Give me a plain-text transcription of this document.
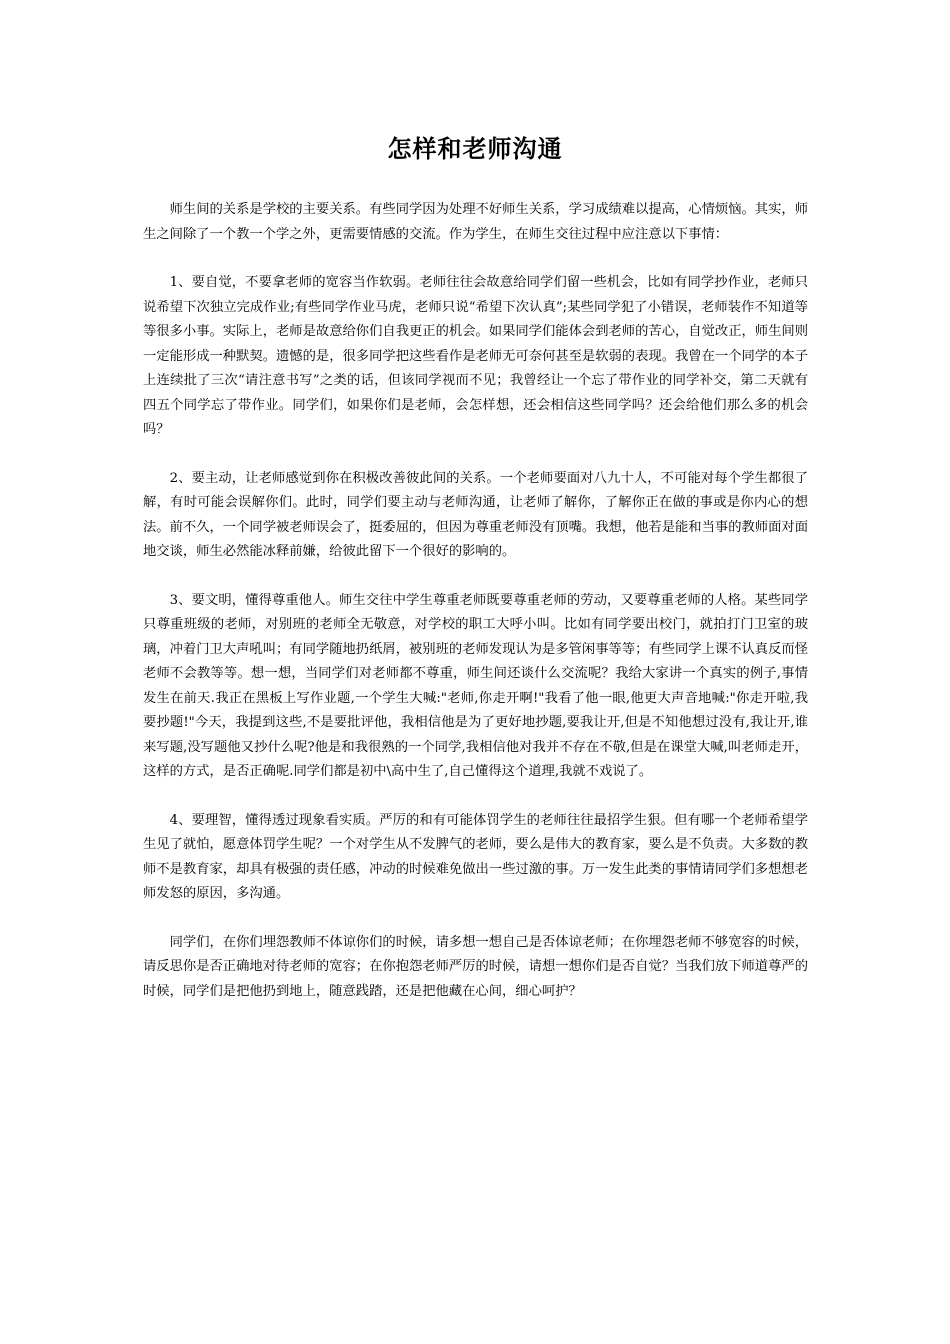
怎样和老师沟通

师生间的关系是学校的主要关系。有些同学因为处理不好师生关系，学习成绩难以提高，心情烦恼。其实，师生之间除了一个教一个学之外，更需要情感的交流。作为学生，在师生交往过程中应注意以下事情：

1、要自觉，不要拿老师的宽容当作软弱。老师往往会故意给同学们留一些机会，比如有同学抄作业，老师只说希望下次独立完成作业;有些同学作业马虎，老师只说“希望下次认真”;某些同学犯了小错误，老师装作不知道等等很多小事。实际上，老师是故意给你们自我更正的机会。如果同学们能体会到老师的苦心，自觉改正，师生间则一定能形成一种默契。遗憾的是，很多同学把这些看作是老师无可奈何甚至是软弱的表现。我曾在一个同学的本子上连续批了三次“请注意书写”之类的话，但该同学视而不见；我曾经让一个忘了带作业的同学补交，第二天就有四五个同学忘了带作业。同学们，如果你们是老师，会怎样想，还会相信这些同学吗？还会给他们那么多的机会吗？

2、要主动，让老师感觉到你在积极改善彼此间的关系。一个老师要面对八九十人，不可能对每个学生都很了解，有时可能会误解你们。此时，同学们要主动与老师沟通，让老师了解你，了解你正在做的事或是你内心的想法。前不久，一个同学被老师误会了，挺委屈的，但因为尊重老师没有顶嘴。我想，他若是能和当事的教师面对面地交谈，师生必然能冰释前嫌，给彼此留下一个很好的影响的。

3、要文明，懂得尊重他人。师生交往中学生尊重老师既要尊重老师的劳动，又要尊重老师的人格。某些同学只尊重班级的老师，对别班的老师全无敬意，对学校的职工大呼小叫。比如有同学要出校门，就拍打门卫室的玻璃，冲着门卫大声吼叫；有同学随地扔纸屑，被别班的老师发现认为是多管闲事等等；有些同学上课不认真反而怪老师不会教等等。想一想，当同学们对老师都不尊重，师生间还谈什么交流呢？我给大家讲一个真实的例子,事情发生在前天.我正在黑板上写作业题,一个学生大喊:"老师,你走开啊!"我看了他一眼,他更大声音地喊:"你走开啦,我要抄题!"今天，我提到这些,不是要批评他，我相信他是为了更好地抄题,要我让开,但是不知他想过没有,我让开,谁来写题,没写题他又抄什么呢?他是和我很熟的一个同学,我相信他对我并不存在不敬,但是在课堂大喊,叫老师走开，这样的方式，是否正确呢.同学们都是初中\高中生了,自己懂得这个道理,我就不戏说了。

4、要理智，懂得透过现象看实质。严厉的和有可能体罚学生的老师往往最招学生狠。但有哪一个老师希望学生见了就怕，愿意体罚学生呢？一个对学生从不发脾气的老师，要么是伟大的教育家，要么是不负责。大多数的教师不是教育家，却具有极强的责任感，冲动的时候难免做出一些过激的事。万一发生此类的事情请同学们多想想老师发怒的原因，多沟通。

同学们，在你们埋怨教师不体谅你们的时候，请多想一想自己是否体谅老师；在你埋怨老师不够宽容的时候，请反思你是否正确地对待老师的宽容；在你抱怨老师严厉的时候，请想一想你们是否自觉？当我们放下师道尊严的时候，同学们是把他扔到地上，随意践踏，还是把他藏在心间，细心呵护？
